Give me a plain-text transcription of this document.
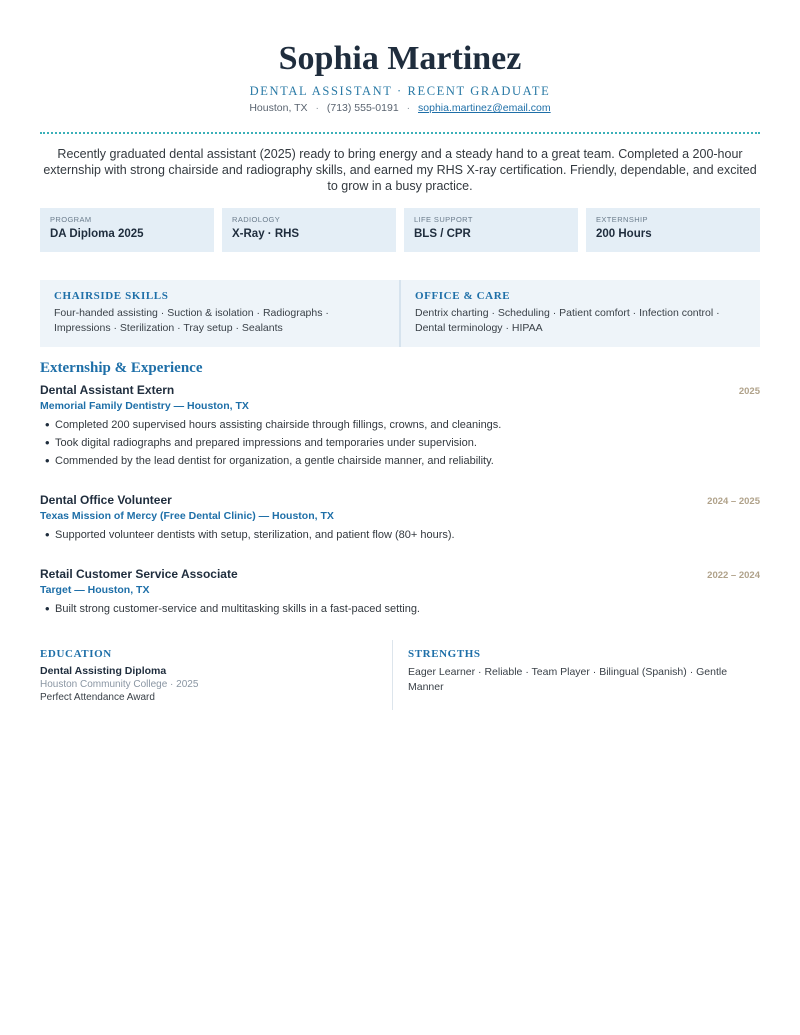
Sophia Martinez
DENTAL ASSISTANT · RECENT GRADUATE
Houston, TX · (713) 555-0191 · sophia.martinez@email.com
Recently graduated dental assistant (2025) ready to bring energy and a steady hand to a great team. Completed a 200-hour externship with strong chairside and radiography skills, and earned my RHS X-ray certification. Friendly, dependable, and excited to grow in a busy practice.
PROGRAM
DA Diploma 2025
RADIOLOGY
X-Ray · RHS
LIFE SUPPORT
BLS / CPR
EXTERNSHIP
200 Hours
CHAIRSIDE SKILLS
Four-handed assisting · Suction & isolation · Radiographs · Impressions · Sterilization · Tray setup · Sealants
OFFICE & CARE
Dentrix charting · Scheduling · Patient comfort · Infection control · Dental terminology · HIPAA
Externship & Experience
Dental Assistant Extern	2025
Memorial Family Dentistry — Houston, TX
• Completed 200 supervised hours assisting chairside through fillings, crowns, and cleanings.
• Took digital radiographs and prepared impressions and temporaries under supervision.
• Commended by the lead dentist for organization, a gentle chairside manner, and reliability.
Dental Office Volunteer	2024 – 2025
Texas Mission of Mercy (Free Dental Clinic) — Houston, TX
• Supported volunteer dentists with setup, sterilization, and patient flow (80+ hours).
Retail Customer Service Associate	2022 – 2024
Target — Houston, TX
• Built strong customer-service and multitasking skills in a fast-paced setting.
EDUCATION
Dental Assisting Diploma
Houston Community College · 2025
Perfect Attendance Award
STRENGTHS
Eager Learner · Reliable · Team Player · Bilingual (Spanish) · Gentle Manner
